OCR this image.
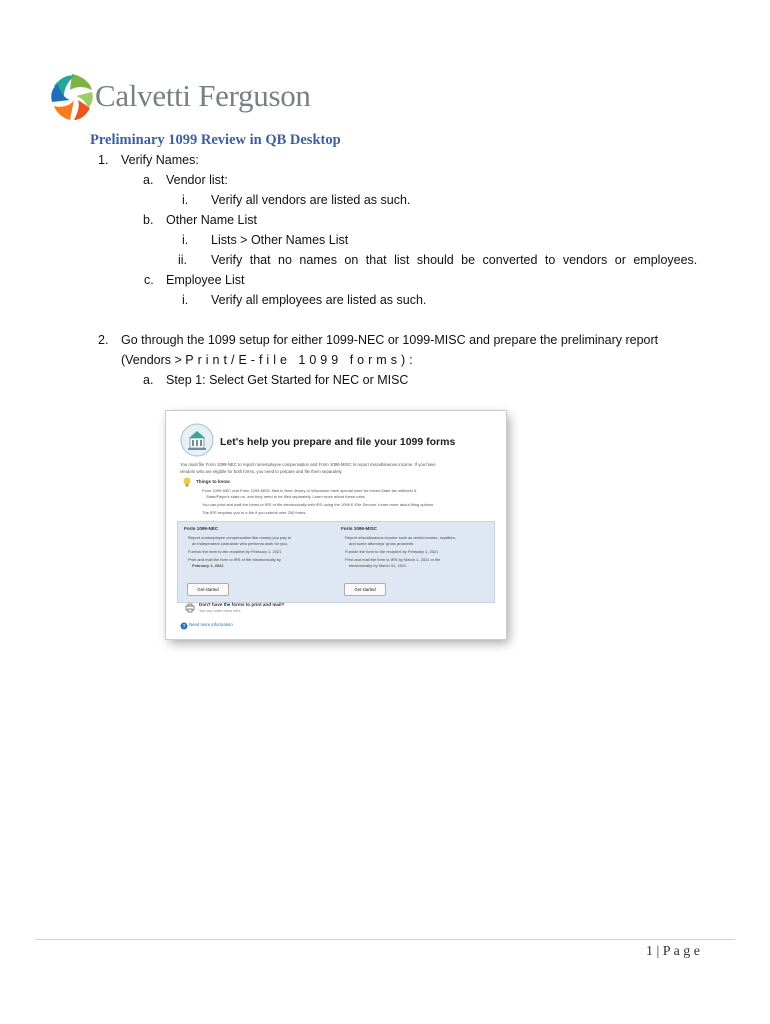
Calvetti Ferguson
Preliminary 1099 Review in QB Desktop
1. Verify Names:
a. Vendor list:
i. Verify all vendors are listed as such.
b. Other Name List
i. Lists > Other Names List
ii. Verify that no names on that list should be converted to vendors or employees.
c. Employee List
i. Verify all employees are listed as such.
2. Go through the 1099 setup for either 1099-NEC or 1099-MISC and prepare the preliminary report
(Vendors > Print/E-file 1099 forms):
a. Step 1: Select Get Started for NEC or MISC
Let's help you prepare and file your 1099 forms
You must file Form 1099-NEC to report nonemployee compensation and Form 1099-MISC to report miscellaneous income. If you have
vendors who are eligible for both forms, you need to prepare and file them separately.
Things to know
Form 1099-NEC and Form 1099-MISC filed in New Jersey or Wisconsin have special rules for boxes State tax withheld &
State/Payer's state no. and they need to be filed separately. Learn more about these rules
You can print and mail the forms to IRS or file electronically with IRS using the 1099 E-File Service. Learn more about filing options
The IRS requires you to e-file if you submit over 250 forms.
Form 1099-NEC
Report nonemployee compensation like money you pay to
an independent contractor who performs work for you.
Furnish the form to the recipient by February 1, 2021
Print and mail the form to IRS or file electronically by
February 1, 2021
Get started
Form 1099-MISC
Report miscellaneous income such as rental income, royalties,
and some attorneys' gross proceeds
Furnish the form to the recipient by February 1, 2021
Print and mail the form to IRS by March 1, 2021 or file
electronically by March 31, 2021
Get started
Don't have the forms to print and mail?
You can order them here
? Need more information
1 | P a g e
